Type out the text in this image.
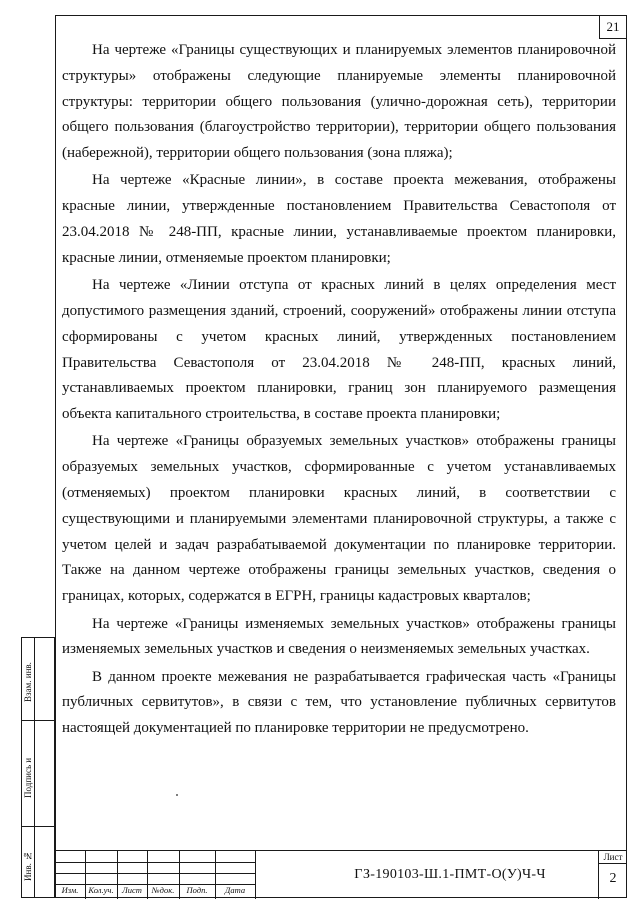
21

На чертеже «Границы существующих и планируемых элементов планировочной структуры» отображены следующие планируемые элементы планировочной структуры: территории общего пользования (улично-дорожная сеть), территории общего пользования (благоустройство территории), территории общего пользования (набережной), территории общего пользования (зона пляжа);

На чертеже «Красные линии», в составе проекта межевания, отображены красные линии, утвержденные постановлением Правительства Севастополя от 23.04.2018 № 248-ПП, красные линии, устанавливаемые проектом планировки, красные линии, отменяемые проектом планировки;

На чертеже «Линии отступа от красных линий в целях определения мест допустимого размещения зданий, строений, сооружений» отображены линии отступа сформированы с учетом красных линий, утвержденных постановлением Правительства Севастополя от 23.04.2018 № 248-ПП, красных линий, устанавливаемых проектом планировки, границ зон планируемого размещения объекта капитального строительства, в составе проекта планировки;

На чертеже «Границы образуемых земельных участков» отображены границы образуемых земельных участков, сформированные с учетом устанавливаемых (отменяемых) проектом планировки красных линий, в соответствии с существующими и планируемыми элементами планировочной структуры, а также с учетом целей и задач разрабатываемой документации по планировке территории. Также на данном чертеже отображены границы земельных участков, сведения о границах, которых, содержатся в ЕГРН, границы кадастровых кварталов;

На чертеже «Границы изменяемых земельных участков» отображены границы изменяемых земельных участков и сведения о неизменяемых земельных участках.

В данном проекте межевания не разрабатывается графическая часть «Границы публичных сервитутов», в связи с тем, что установление публичных сервитутов настоящей документацией по планировке территории не предусмотрено.

Взам. инв.
Подпись и
Инв. №
Изм.	Кол.уч. Лист	№док.	Подп.	Дата
ГЗ-190103-Ш.1-ПМТ-О(У)Ч-Ч
Лист
2
